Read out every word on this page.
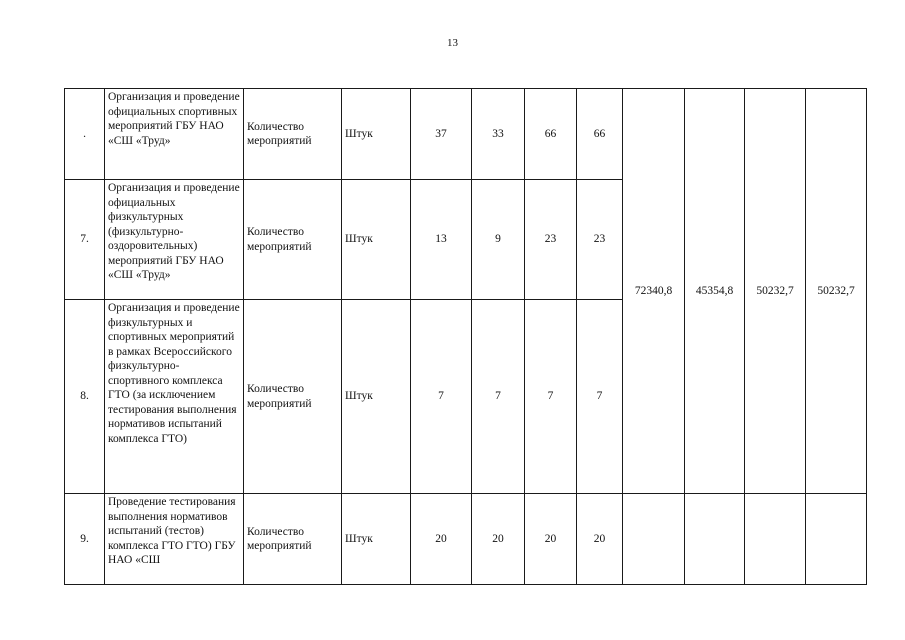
13
.	Организация и проведение официальных спортивных мероприятий ГБУ НАО «СШ «Труд»	Количество мероприятий	Штук	37	33	66	66	72340,8	45354,8	50232,7	50232,7
7.	Организация и проведение официальных физкультурных (физкультурно-оздоровительных) мероприятий ГБУ НАО «СШ «Труд»	Количество мероприятий	Штук	13	9	23	23				
8.	Организация и проведение физкультурных и спортивных мероприятий в рамках Всероссийского физкультурно-спортивного комплекса ГТО (за исключением тестирования выполнения нормативов испытаний комплекса ГТО)	Количество мероприятий	Штук	7	7	7	7				
9.	Проведение тестирования выполнения нормативов испытаний (тестов) комплекса ГТО ГТО) ГБУ НАО «СШ	Количество мероприятий	Штук	20	20	20	20				
